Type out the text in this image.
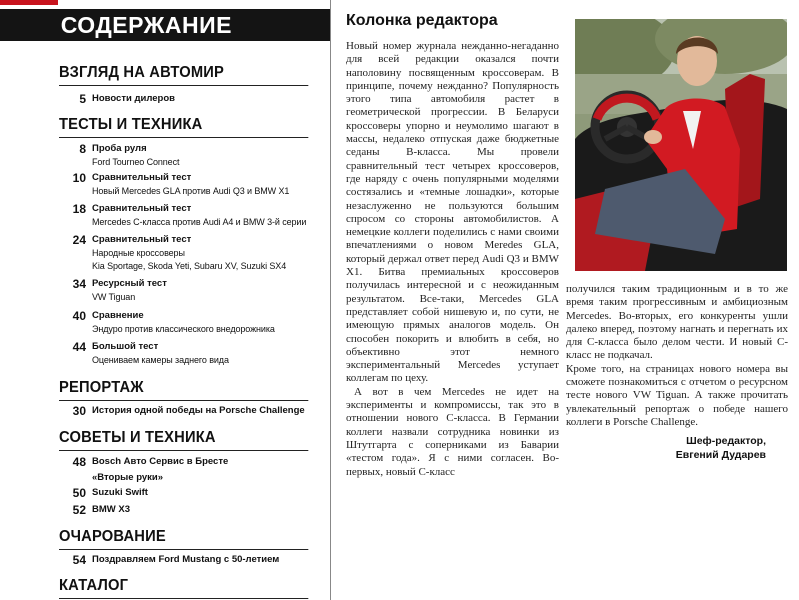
СОДЕРЖАНИЕ
ВЗГЛЯД НА АВТОМИР
5 Новости дилеров
ТЕСТЫ И ТЕХНИКА
8 Проба руля
Ford Tourneo Connect
10 Сравнительный тест
Новый Mercedes GLA против Audi Q3 и BMW X1
18 Сравнительный тест
Mercedes C-класса против Audi A4 и BMW 3-й серии
24 Сравнительный тест
Народные кроссоверы
Kia Sportage, Skoda Yeti, Subaru XV, Suzuki SX4
34 Ресурсный тест
VW Tiguan
40 Сравнение
Эндуро против классического внедорожника
44 Большой тест
Оцениваем камеры заднего вида
РЕПОРТАЖ
30 История одной победы на Porsche Challenge
СОВЕТЫ И ТЕХНИКА
48 Bosch Авто Сервис в Бресте
«Вторые руки»
50 Suzuki Swift
52 BMW X3
ОЧАРОВАНИЕ
54 Поздравляем Ford Mustang с 50-летием
КАТАЛОГ
Колонка редактора

Новый номер журнала нежданно-негаданно для всей редакции оказался почти наполовину посвященным кроссоверам. В принципе, почему нежданно? Популярность этого типа автомобиля растет в геометрической прогрессии. В Беларуси кроссоверы упорно и неумолимо шагают в массы, недалеко отпуская даже бюджетные седаны B-класса. Мы провели сравнительный тест четырех кроссоверов, где наряду с очень популярными моделями состязались и «темные лошадки», которые незаслуженно не пользуются большим спросом со стороны автомобилистов. А немецкие коллеги поделились с нами своими впечатлениями о новом Meredes GLA, который держал ответ перед Audi Q3 и BMW X1. Битва премиальных кроссоверов получилась интересной и с неожиданным результатом. Все-таки, Mercedes GLA представляет собой нишевую и, по сути, не имеющую прямых аналогов модель. Он способен покорить и влюбить в себя, но объективно этот немного экспериментальный Mercedes уступает коллегам по цеху.

А вот в чем Mercedes не идет на эксперименты и компромиссы, так это в отношении нового C-класса. В Германии коллеги назвали сотрудника новинки из Штутгарта с соперниками из Баварии «тестом года». Я с ними согласен. Во-первых, новый C-класс

получился таким традиционным и в то же время таким прогрессивным и амбициозным Mercedes. Во-вторых, его конкуренты ушли далеко вперед, поэтому нагнать и перегнать их для C-класса было делом чести. И новый C-класс не подкачал.

Кроме того, на страницах нового номера вы сможете познакомиться с отчетом о ресурсном тесте нового VW Tiguan. А также прочитать увлекательный репортаж о победе нашего коллеги в Porsche Challenge.

Шеф-редактор,
Евгений Дударев
